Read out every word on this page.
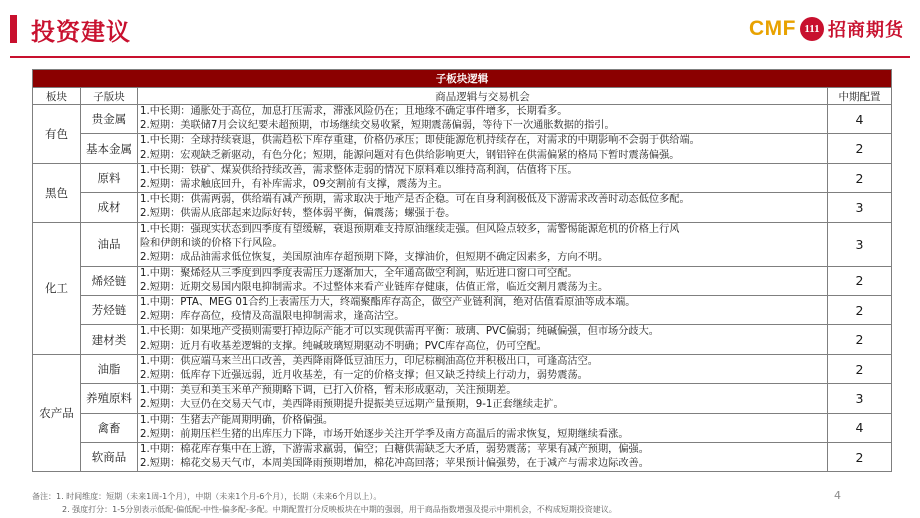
投资建议	CMF 111 招商期货
子板块逻辑			
板块	子版块	商品逻辑与交易机会	中期配置
有色	贵金属	1.中长期：通胀处于高位，加息打压需求，滞涨风险仍在；且地缘不确定事件增多，长期看多。
2.短期：美联储7月会议纪要未超预期，市场继续交易收紧，短期震荡偏弱，等待下一次通胀数据的指引。	4
	基本金属	1.中长期：全球持续衰退，供需趋松下库存重建，价格仍承压；即使能源危机持续存在，对需求的中期影响不会弱于供给端。
2.短期：宏观缺乏新驱动，有色分化；短期，能源问题对有色供给影响更大，钢铝锌在供需偏紧的格局下暂时震荡偏强。	2
黑色	原料	1.中长期：铁矿、煤炭供给持续改善，需求整体走弱的情况下原料难以维持高利润，估值将下压。
2.短期：需求触底回升，有补库需求，09交割前有支撑，震荡为主。	2
	成材	1.中长期：供需两弱，供给端有减产预期，需求取决于地产是否企稳。可在自身利润极低及下游需求改善时动态低位多配。
2.短期：供需从底部起来边际好转，整体弱平衡，偏震荡；螺强于卷。	3
化工	油品	1.中长期：强现实状态到四季度有望缓解，衰退预期难支持原油继续走强。但风险点较多，需警惕能源危机的价格上行风
险和伊朗和谈的价格下行风险。
2.短期：成品油需求低位恢复，美国原油库存超预期下降，支撑油价，但短期不确定因素多，方向不明。	3
	烯烃链	1.中期：聚烯烃从三季度到四季度表需压力逐渐加大，全年通高做空利润，贴近进口窗口可空配。
2.短期：近期交易国内限电抑制需求。不过整体来看产业链库存健康，估值正常，临近交割月震荡为主。	2
	芳烃链	1.中期：PTA、MEG 01合约上表需压力大，终端聚酯库存高企，做空产业链利润，绝对估值看原油等成本端。
2.短期：库存高位，疫情及高温限电抑制需求，逢高沽空。	2
	建材类	1.中长期：如果地产受损则需要打掉边际产能才可以实现供需再平衡：玻璃、PVC偏弱；纯碱偏强，但市场分歧大。
2.短期：近月有收基差逻辑的支撑。纯碱玻璃短期驱动不明确；PVC库存高位，仍可空配。	2
农产品	油脂	1.中期：供应端马来兰出口改善，美西降雨降低豆油压力，印尼棕榈油高位并积极出口，可逢高沽空。
2.短期：低库存下近强远弱，近月收基差，有一定的价格支撑；但又缺乏持续上行动力，弱势震荡。	2
	养殖原料	1.中期：美豆和美玉米单产预期略下调，已打入价格，暂未形成驱动，关注预期差。
2.短期：大豆仍在交易天气市，美西降雨预期提升提振美豆远期产量预期，9-1正套继续走扩。	3
	禽畜	1.中期：生猪去产能周期明确，价格偏强。
2.短期：前期压栏生猪的出库压力下降，市场开始逐步关注开学季及南方高温后的需求恢复，短期继续看涨。	4
	软商品	1.中期：棉花库存集中在上游，下游需求羸弱，偏空；白糖供需缺乏大矛盾，弱势震荡；苹果有减产预期，偏强。
2.短期：棉花交易天气市，本周美国降雨预期增加，棉花冲高回落；苹果预计偏强势，在于减产与需求边际改善。	2
备注：1. 时间维度：短期（未来1周-1个月），中期（未来1个月-6个月），长期（未来6个月以上）。
2. 强度打分：1-5分别表示低配-偏低配-中性-偏多配-多配。中期配置打分反映板块在中期的强弱，用于商品指数增强及提示中期机会，不构成短期投资建议。
4
